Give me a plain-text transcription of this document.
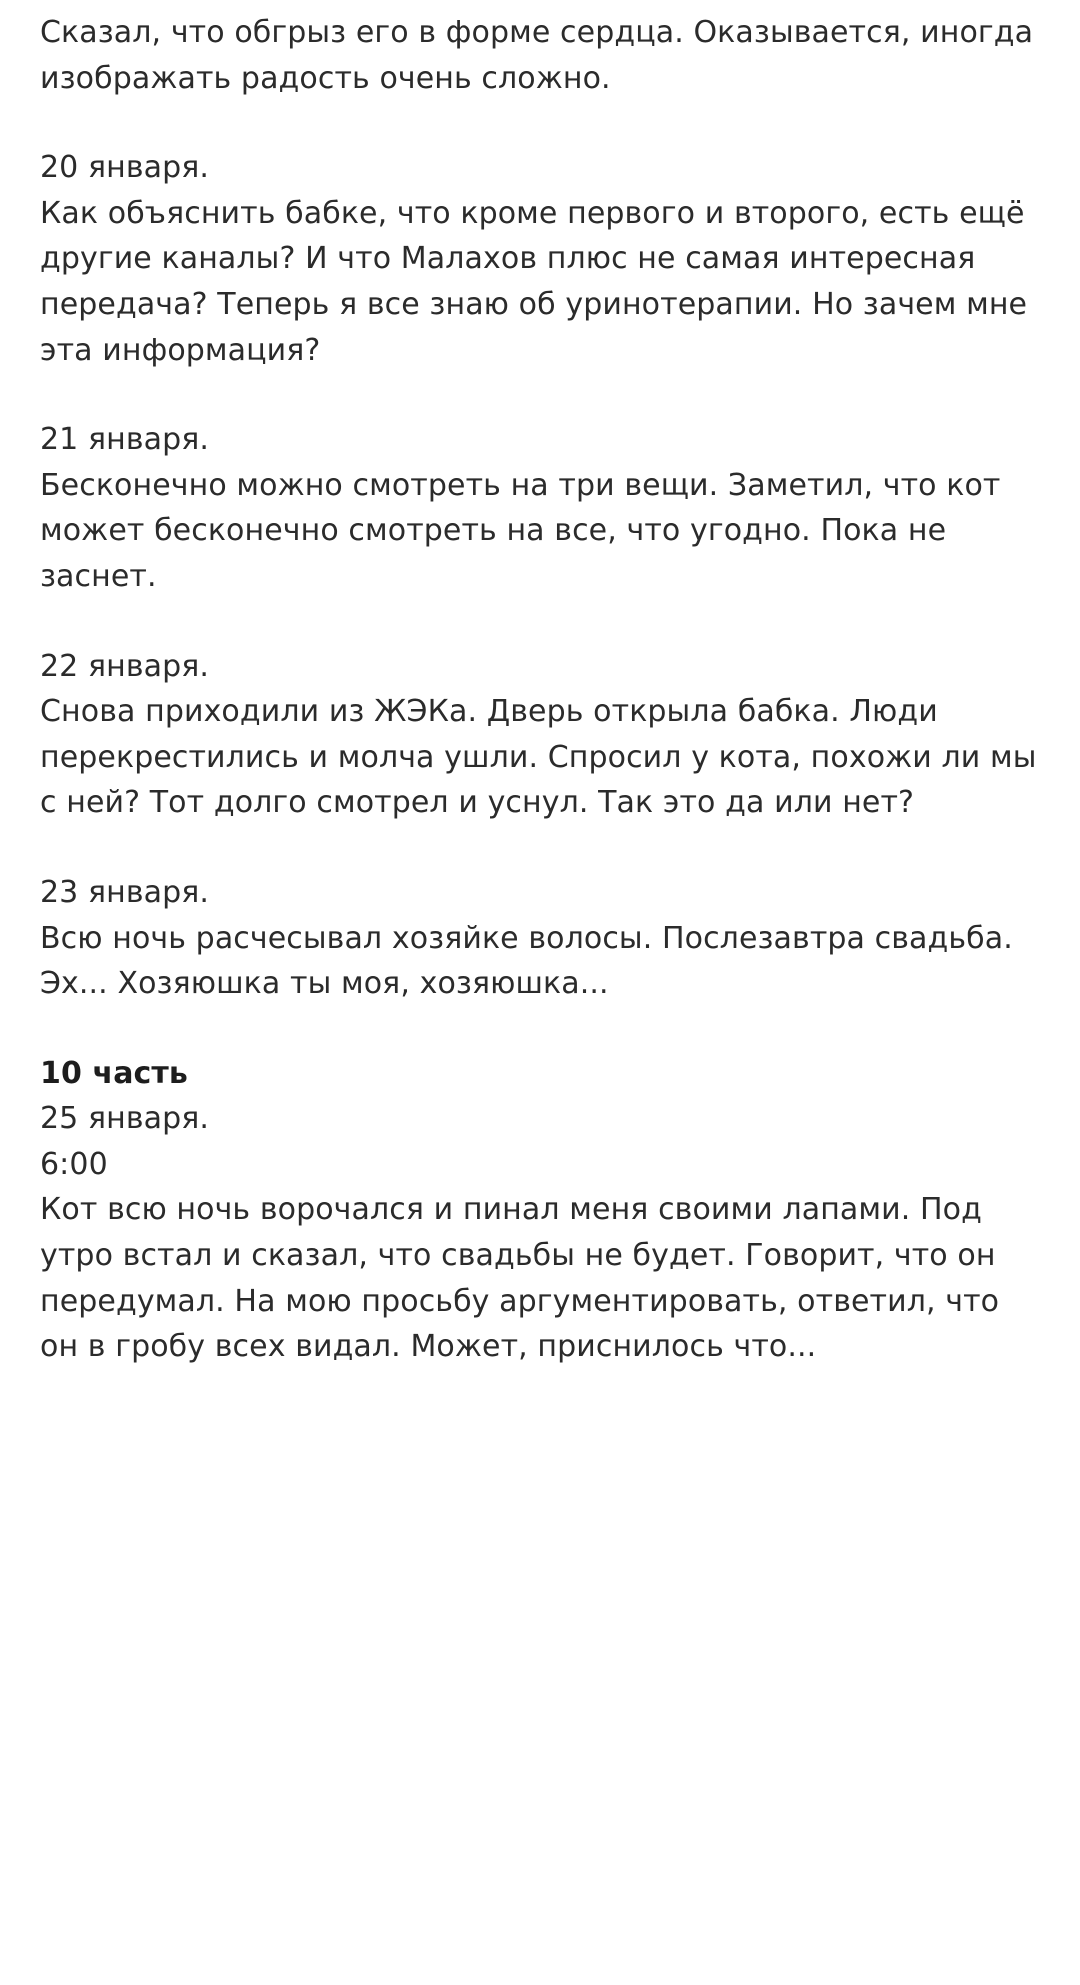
Сказал, что обгрыз его в форме сердца. Оказывается, иногда изображать радость очень сложно.
20 января.
Как объяснить бабке, что кроме первого и второго, есть ещё другие каналы? И что Малахов плюс не самая интересная передача? Теперь я все знаю об уринотерапии. Но зачем мне эта информация?
21 января.
Бесконечно можно смотреть на три вещи. Заметил, что кот может бесконечно смотреть на все, что угодно. Пока не заснет.
22 января.
Снова приходили из ЖЭКа. Дверь открыла бабка. Люди перекрестились и молча ушли. Спросил у кота, похожи ли мы с ней? Тот долго смотрел и уснул. Так это да или нет?
23 января.
Всю ночь расчесывал хозяйке волосы. Послезавтра свадьба. Эх... Хозяюшка ты моя, хозяюшка...
10 часть
25 января.
6:00
Кот всю ночь ворочался и пинал меня своими лапами. Под утро встал и сказал, что свадьбы не будет. Говорит, что он передумал. На мою просьбу аргументировать, ответил, что он в гробу всех видал. Может, приснилось что...
